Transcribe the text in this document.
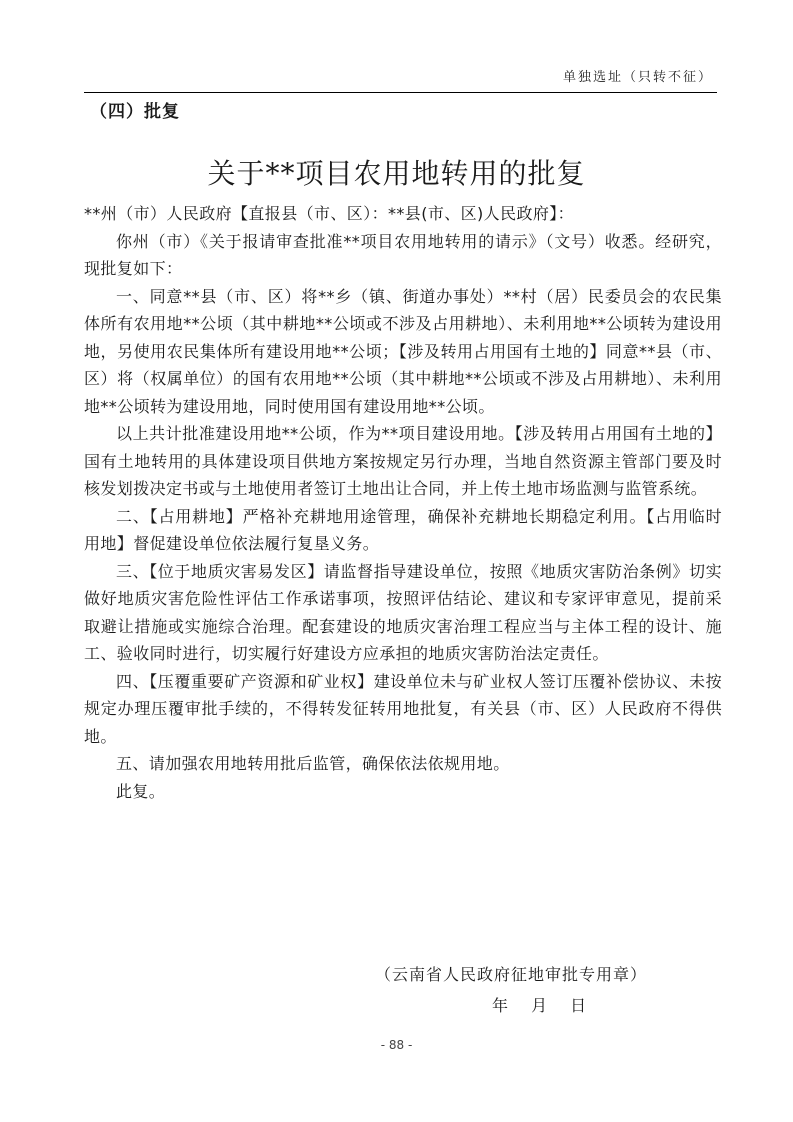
单独选址（只转不征）
（四）批复
关于**项目农用地转用的批复

**州（市）人民政府【直报县（市、区）：**县(市、区)人民政府】：

你州（市）《关于报请审查批准**项目农用地转用的请示》（文号）收悉。经研究，现批复如下：

一、同意**县（市、区）将**乡（镇、街道办事处）**村（居）民委员会的农民集体所有农用地**公顷（其中耕地**公顷或不涉及占用耕地）、未利用地**公顷转为建设用地，另使用农民集体所有建设用地**公顷；【涉及转用占用国有土地的】同意**县（市、区）将（权属单位）的国有农用地**公顷（其中耕地**公顷或不涉及占用耕地）、未利用地**公顷转为建设用地，同时使用国有建设用地**公顷。

以上共计批准建设用地**公顷，作为**项目建设用地。【涉及转用占用国有土地的】国有土地转用的具体建设项目供地方案按规定另行办理，当地自然资源主管部门要及时核发划拨决定书或与土地使用者签订土地出让合同，并上传土地市场监测与监管系统。

二、【占用耕地】严格补充耕地用途管理，确保补充耕地长期稳定利用。【占用临时用地】督促建设单位依法履行复垦义务。

三、【位于地质灾害易发区】请监督指导建设单位，按照《地质灾害防治条例》切实做好地质灾害危险性评估工作承诺事项，按照评估结论、建议和专家评审意见，提前采取避让措施或实施综合治理。配套建设的地质灾害治理工程应当与主体工程的设计、施工、验收同时进行，切实履行好建设方应承担的地质灾害防治法定责任。

四、【压覆重要矿产资源和矿业权】建设单位未与矿业权人签订压覆补偿协议、未按规定办理压覆审批手续的，不得转发征转用地批复，有关县（市、区）人民政府不得供地。

五、请加强农用地转用批后监管，确保依法依规用地。

此复。

（云南省人民政府征地审批专用章）
年 月 日
- 88 -
